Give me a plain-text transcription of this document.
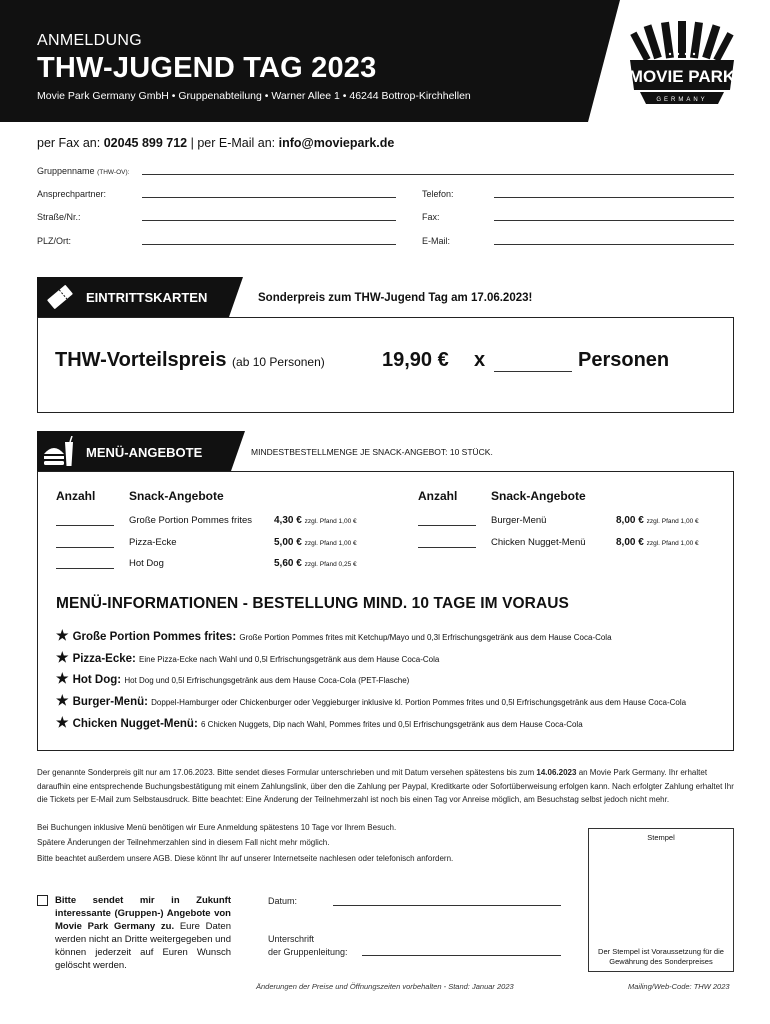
ANMELDUNG
THW-JUGEND TAG 2023
Movie Park Germany GmbH • Gruppenabteilung • Warner Allee 1 • 46244 Bottrop-Kirchhellen
MOVIE PARK
GERMANY
per Fax an: 02045 899 712 | per E-Mail an: info@moviepark.de
Gruppenname (THW-OV):
Ansprechpartner:	Telefon:
Straße/Nr.:	Fax:
PLZ/Ort:	E-Mail:
EINTRITTSKARTEN	Sonderpreis zum THW-Jugend Tag am 17.06.2023!
THW-Vorteilspreis (ab 10 Personen)	19,90 € x	Personen
MENÜ-ANGEBOTE	MINDESTBESTELLMENGE JE SNACK-ANGEBOT: 10 STÜCK.
Anzahl	Snack-Angebote	Anzahl	Snack-Angebote
Große Portion Pommes frites 4,30 € zzgl. Pfand 1,00 €
Pizza-Ecke	5,00 € zzgl. Pfand 1,00 €
Hot Dog	5,60 € zzgl. Pfand 0,25 €
Burger-Menü	8,00 € zzgl. Pfand 1,00 €
Chicken Nugget-Menü	8,00 € zzgl. Pfand 1,00 €
MENÜ-INFORMATIONEN - BESTELLUNG MIND. 10 TAGE IM VORAUS
★ Große Portion Pommes frites: Große Portion Pommes frites mit Ketchup/Mayo und 0,3l Erfrischungsgetränk aus dem Hause Coca-Cola
★ Pizza-Ecke: Eine Pizza-Ecke nach Wahl und 0,5l Erfrischungsgetränk aus dem Hause Coca-Cola
★ Hot Dog: Hot Dog und 0,5l Erfrischungsgetränk aus dem Hause Coca-Cola (PET-Flasche)
★ Burger-Menü: Doppel-Hamburger oder Chickenburger oder Veggieburger inklusive kl. Portion Pommes frites und 0,5l Erfrischungsgetränk aus dem Hause Coca-Cola
★ Chicken Nugget-Menü: 6 Chicken Nuggets, Dip nach Wahl, Pommes frites und 0,5l Erfrischungsgetränk aus dem Hause Coca-Cola
Der genannte Sonderpreis gilt nur am 17.06.2023. Bitte sendet dieses Formular unterschrieben und mit Datum versehen spätestens bis zum 14.06.2023 an Movie Park Germany. Ihr erhaltet daraufhin eine entsprechende Buchungsbestätigung mit einem Zahlungslink, über den die Zahlung per Paypal, Kreditkarte oder Sofortüberweisung erfolgen kann. Nach erfolgter Zahlung erhaltet Ihr die Tickets per E-Mail zum Selbstausdruck. Bitte beachtet: Eine Änderung der Teilnehmerzahl ist noch bis einen Tag vor Anreise möglich, am Besuchstag selbst jedoch nicht mehr.
Bei Buchungen inklusive Menü benötigen wir Eure Anmeldung spätestens 10 Tage vor Ihrem Besuch.
Spätere Änderungen der Teilnehmerzahlen sind in diesem Fall nicht mehr möglich.
Bitte beachtet außerdem unsere AGB. Diese könnt Ihr auf unserer Internetseite nachlesen oder telefonisch anfordern.
Stempel
Der Stempel ist Voraussetzung für die Gewährung des Sonderpreises
Bitte sendet mir in Zukunft interessante (Gruppen-) Angebote von Movie Park Germany zu. Eure Daten werden nicht an Dritte weitergegeben und können jederzeit auf Euren Wunsch gelöscht werden.
Datum:
Unterschrift
der Gruppenleitung:
Änderungen der Preise und Öffnungszeiten vorbehalten - Stand: Januar 2023	Mailing/Web-Code: THW 2023
